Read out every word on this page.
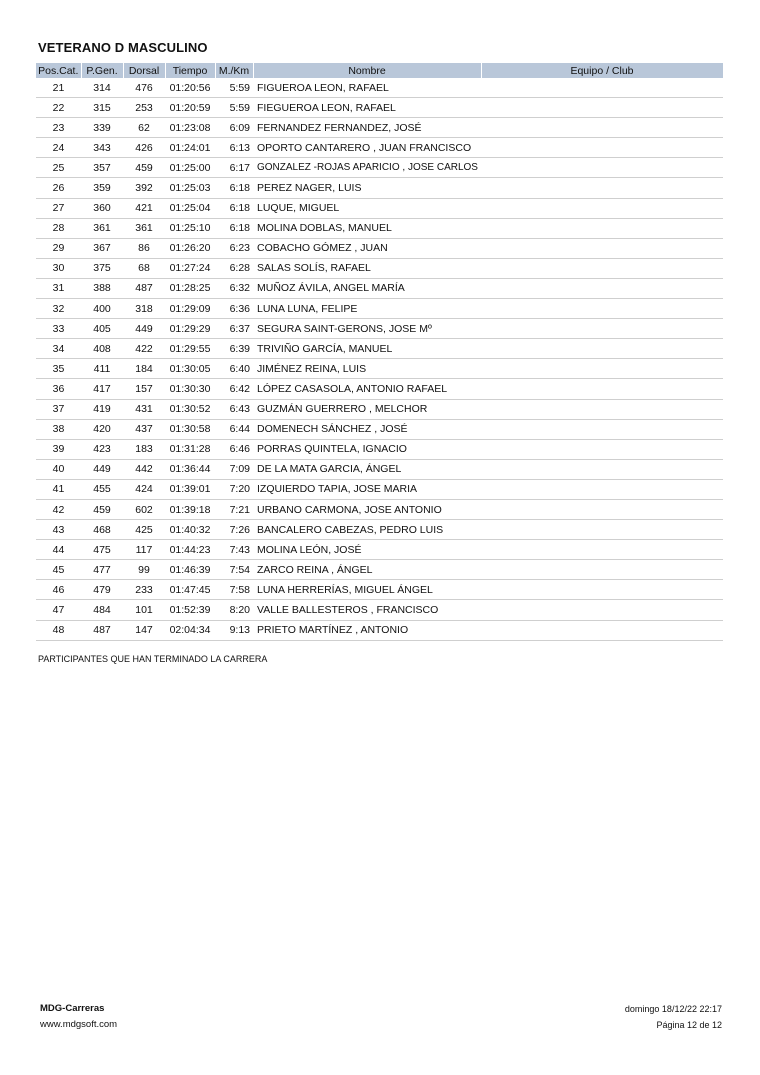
VETERANO D MASCULINO
Pos.Cat.	P.Gen.	Dorsal	Tiempo	M./Km	Nombre	Equipo / Club
21	314	476	01:20:56	5:59	FIGUEROA LEON, RAFAEL	
22	315	253	01:20:59	5:59	FIEGUEROA LEON, RAFAEL	
23	339	62	01:23:08	6:09	FERNANDEZ FERNANDEZ, JOSÉ	
24	343	426	01:24:01	6:13	OPORTO CANTARERO , JUAN FRANCISCO	
25	357	459	01:25:00	6:17	GONZALEZ -ROJAS APARICIO , JOSE CARLOS	
26	359	392	01:25:03	6:18	PEREZ NAGER, LUIS	
27	360	421	01:25:04	6:18	LUQUE, MIGUEL	
28	361	361	01:25:10	6:18	MOLINA DOBLAS, MANUEL	
29	367	86	01:26:20	6:23	COBACHO GÓMEZ , JUAN	
30	375	68	01:27:24	6:28	SALAS SOLÍS, RAFAEL	
31	388	487	01:28:25	6:32	MUÑOZ ÁVILA, ANGEL MARÍA	
32	400	318	01:29:09	6:36	LUNA LUNA, FELIPE	
33	405	449	01:29:29	6:37	SEGURA SAINT-GERONS, JOSE Mº	
34	408	422	01:29:55	6:39	TRIVIÑO GARCÍA, MANUEL	
35	411	184	01:30:05	6:40	JIMÉNEZ REINA, LUIS	
36	417	157	01:30:30	6:42	LÓPEZ CASASOLA, ANTONIO RAFAEL	
37	419	431	01:30:52	6:43	GUZMÁN GUERRERO , MELCHOR	
38	420	437	01:30:58	6:44	DOMENECH SÁNCHEZ , JOSÉ	
39	423	183	01:31:28	6:46	PORRAS QUINTELA, IGNACIO	
40	449	442	01:36:44	7:09	DE LA MATA GARCIA, ÁNGEL	
41	455	424	01:39:01	7:20	IZQUIERDO TAPIA, JOSE MARIA	
42	459	602	01:39:18	7:21	URBANO CARMONA, JOSE ANTONIO	
43	468	425	01:40:32	7:26	BANCALERO CABEZAS, PEDRO LUIS	
44	475	117	01:44:23	7:43	MOLINA LEÓN, JOSÉ	
45	477	99	01:46:39	7:54	ZARCO REINA , ÁNGEL	
46	479	233	01:47:45	7:58	LUNA HERRERÍAS, MIGUEL ÁNGEL	
47	484	101	01:52:39	8:20	VALLE BALLESTEROS , FRANCISCO	
48	487	147	02:04:34	9:13	PRIETO MARTÍNEZ , ANTONIO	
PARTICIPANTES QUE HAN TERMINADO LA CARRERA
MDG-Carreras
www.mdgsoft.com
domingo 18/12/22 22:17
Página 12 de 12
